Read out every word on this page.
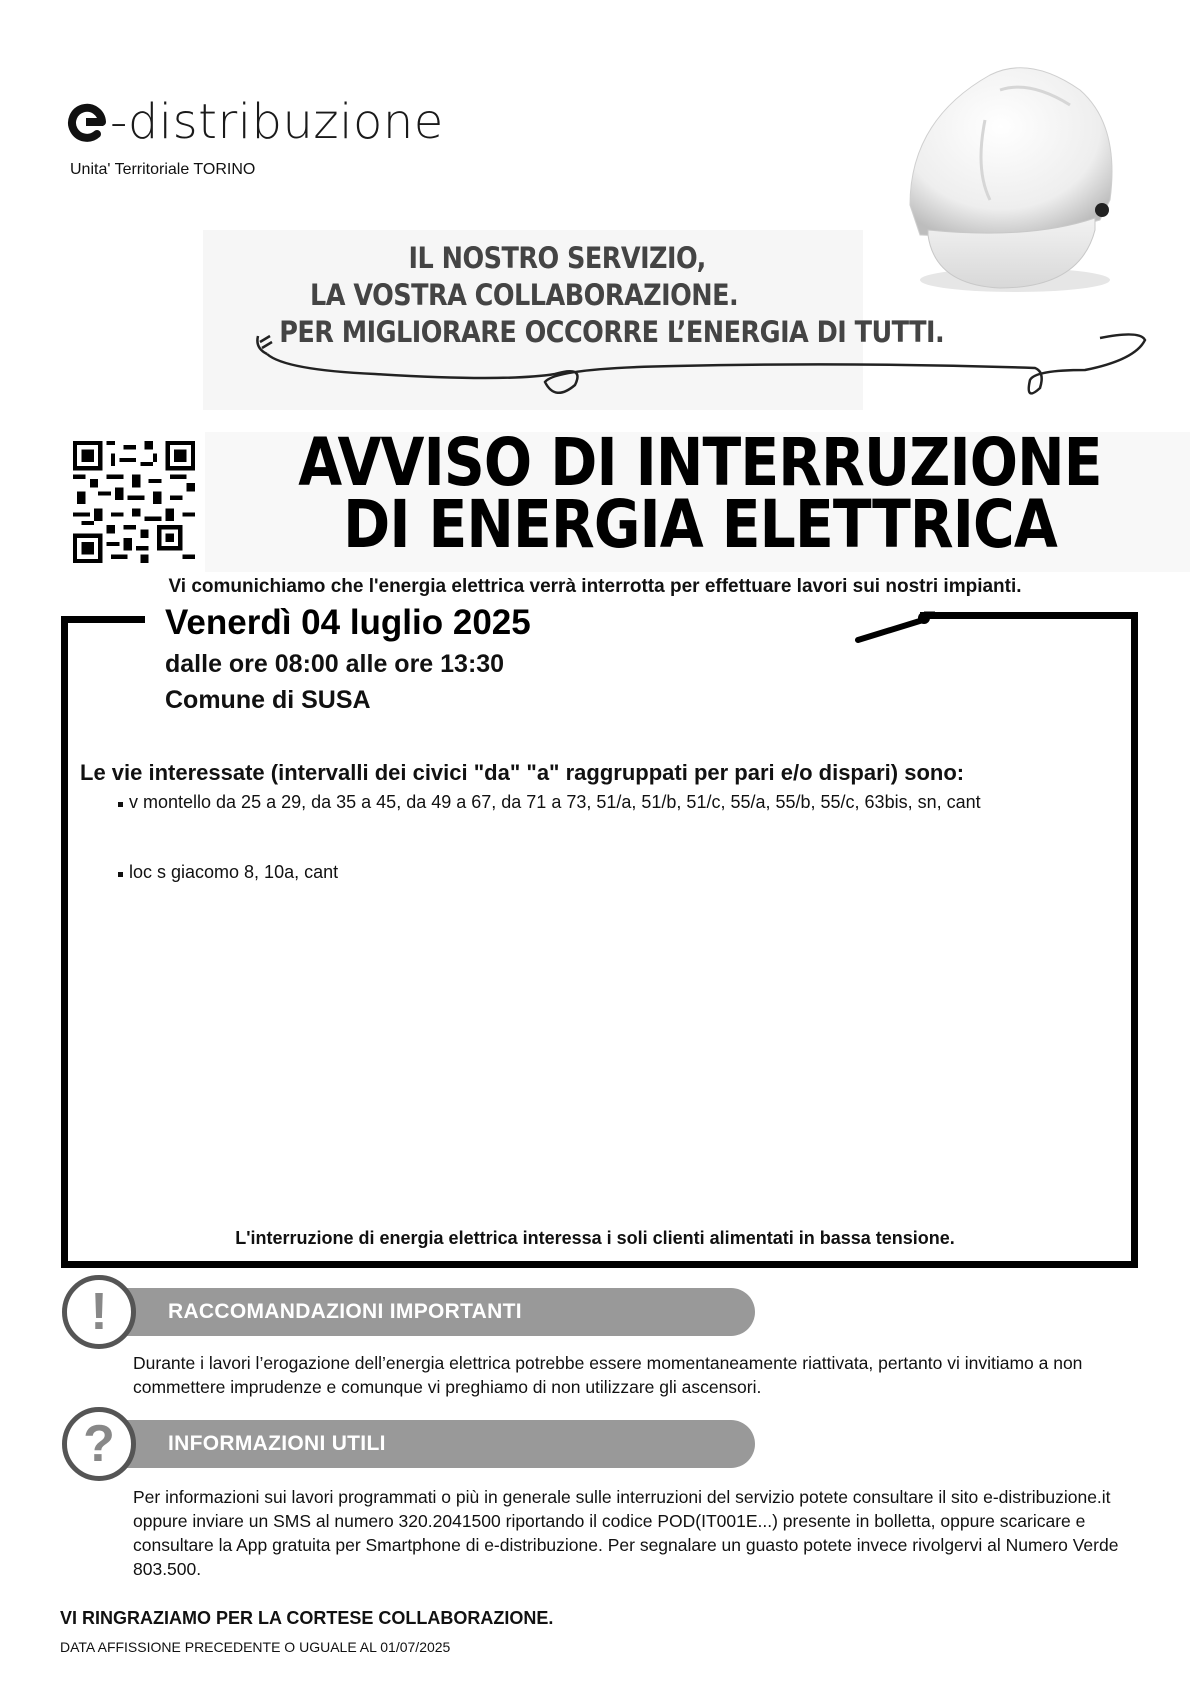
-distribuzione
Unita' Territoriale TORINO
IL NOSTRO SERVIZIO,
LA VOSTRA COLLABORAZIONE.
PER MIGLIORARE OCCORRE L’ENERGIA DI TUTTI.
AVVISO DI INTERRUZIONE
DI ENERGIA ELETTRICA
Vi comunichiamo che l'energia elettrica verrà interrotta per effettuare lavori sui nostri impianti.
Venerdì 04 luglio 2025
dalle ore 08:00 alle ore 13:30
Comune di SUSA
Le vie interessate (intervalli dei civici "da" "a" raggruppati per pari e/o dispari) sono:
v montello da 25 a 29, da 35 a 45, da 49 a 67, da 71 a 73, 51/a, 51/b, 51/c, 55/a, 55/b, 55/c, 63bis, sn, cant
loc s giacomo 8, 10a, cant
L'interruzione di energia elettrica interessa i soli clienti alimentati in bassa tensione.
RACCOMANDAZIONI IMPORTANTI
!
Durante i lavori l’erogazione dell’energia elettrica potrebbe essere momentaneamente riattivata, pertanto vi invitiamo a non commettere imprudenze e comunque vi preghiamo di non utilizzare gli ascensori.
INFORMAZIONI UTILI
?
Per informazioni sui lavori programmati o più in generale sulle interruzioni del servizio potete consultare il sito e-distribuzione.it oppure inviare un SMS al numero 320.2041500 riportando il codice POD(IT001E...) presente in bolletta, oppure scaricare e consultare la App gratuita per Smartphone di e-distribuzione. Per segnalare un guasto potete invece rivolgervi al Numero Verde 803.500.
VI RINGRAZIAMO PER LA CORTESE COLLABORAZIONE.
DATA AFFISSIONE PRECEDENTE O UGUALE AL 01/07/2025
